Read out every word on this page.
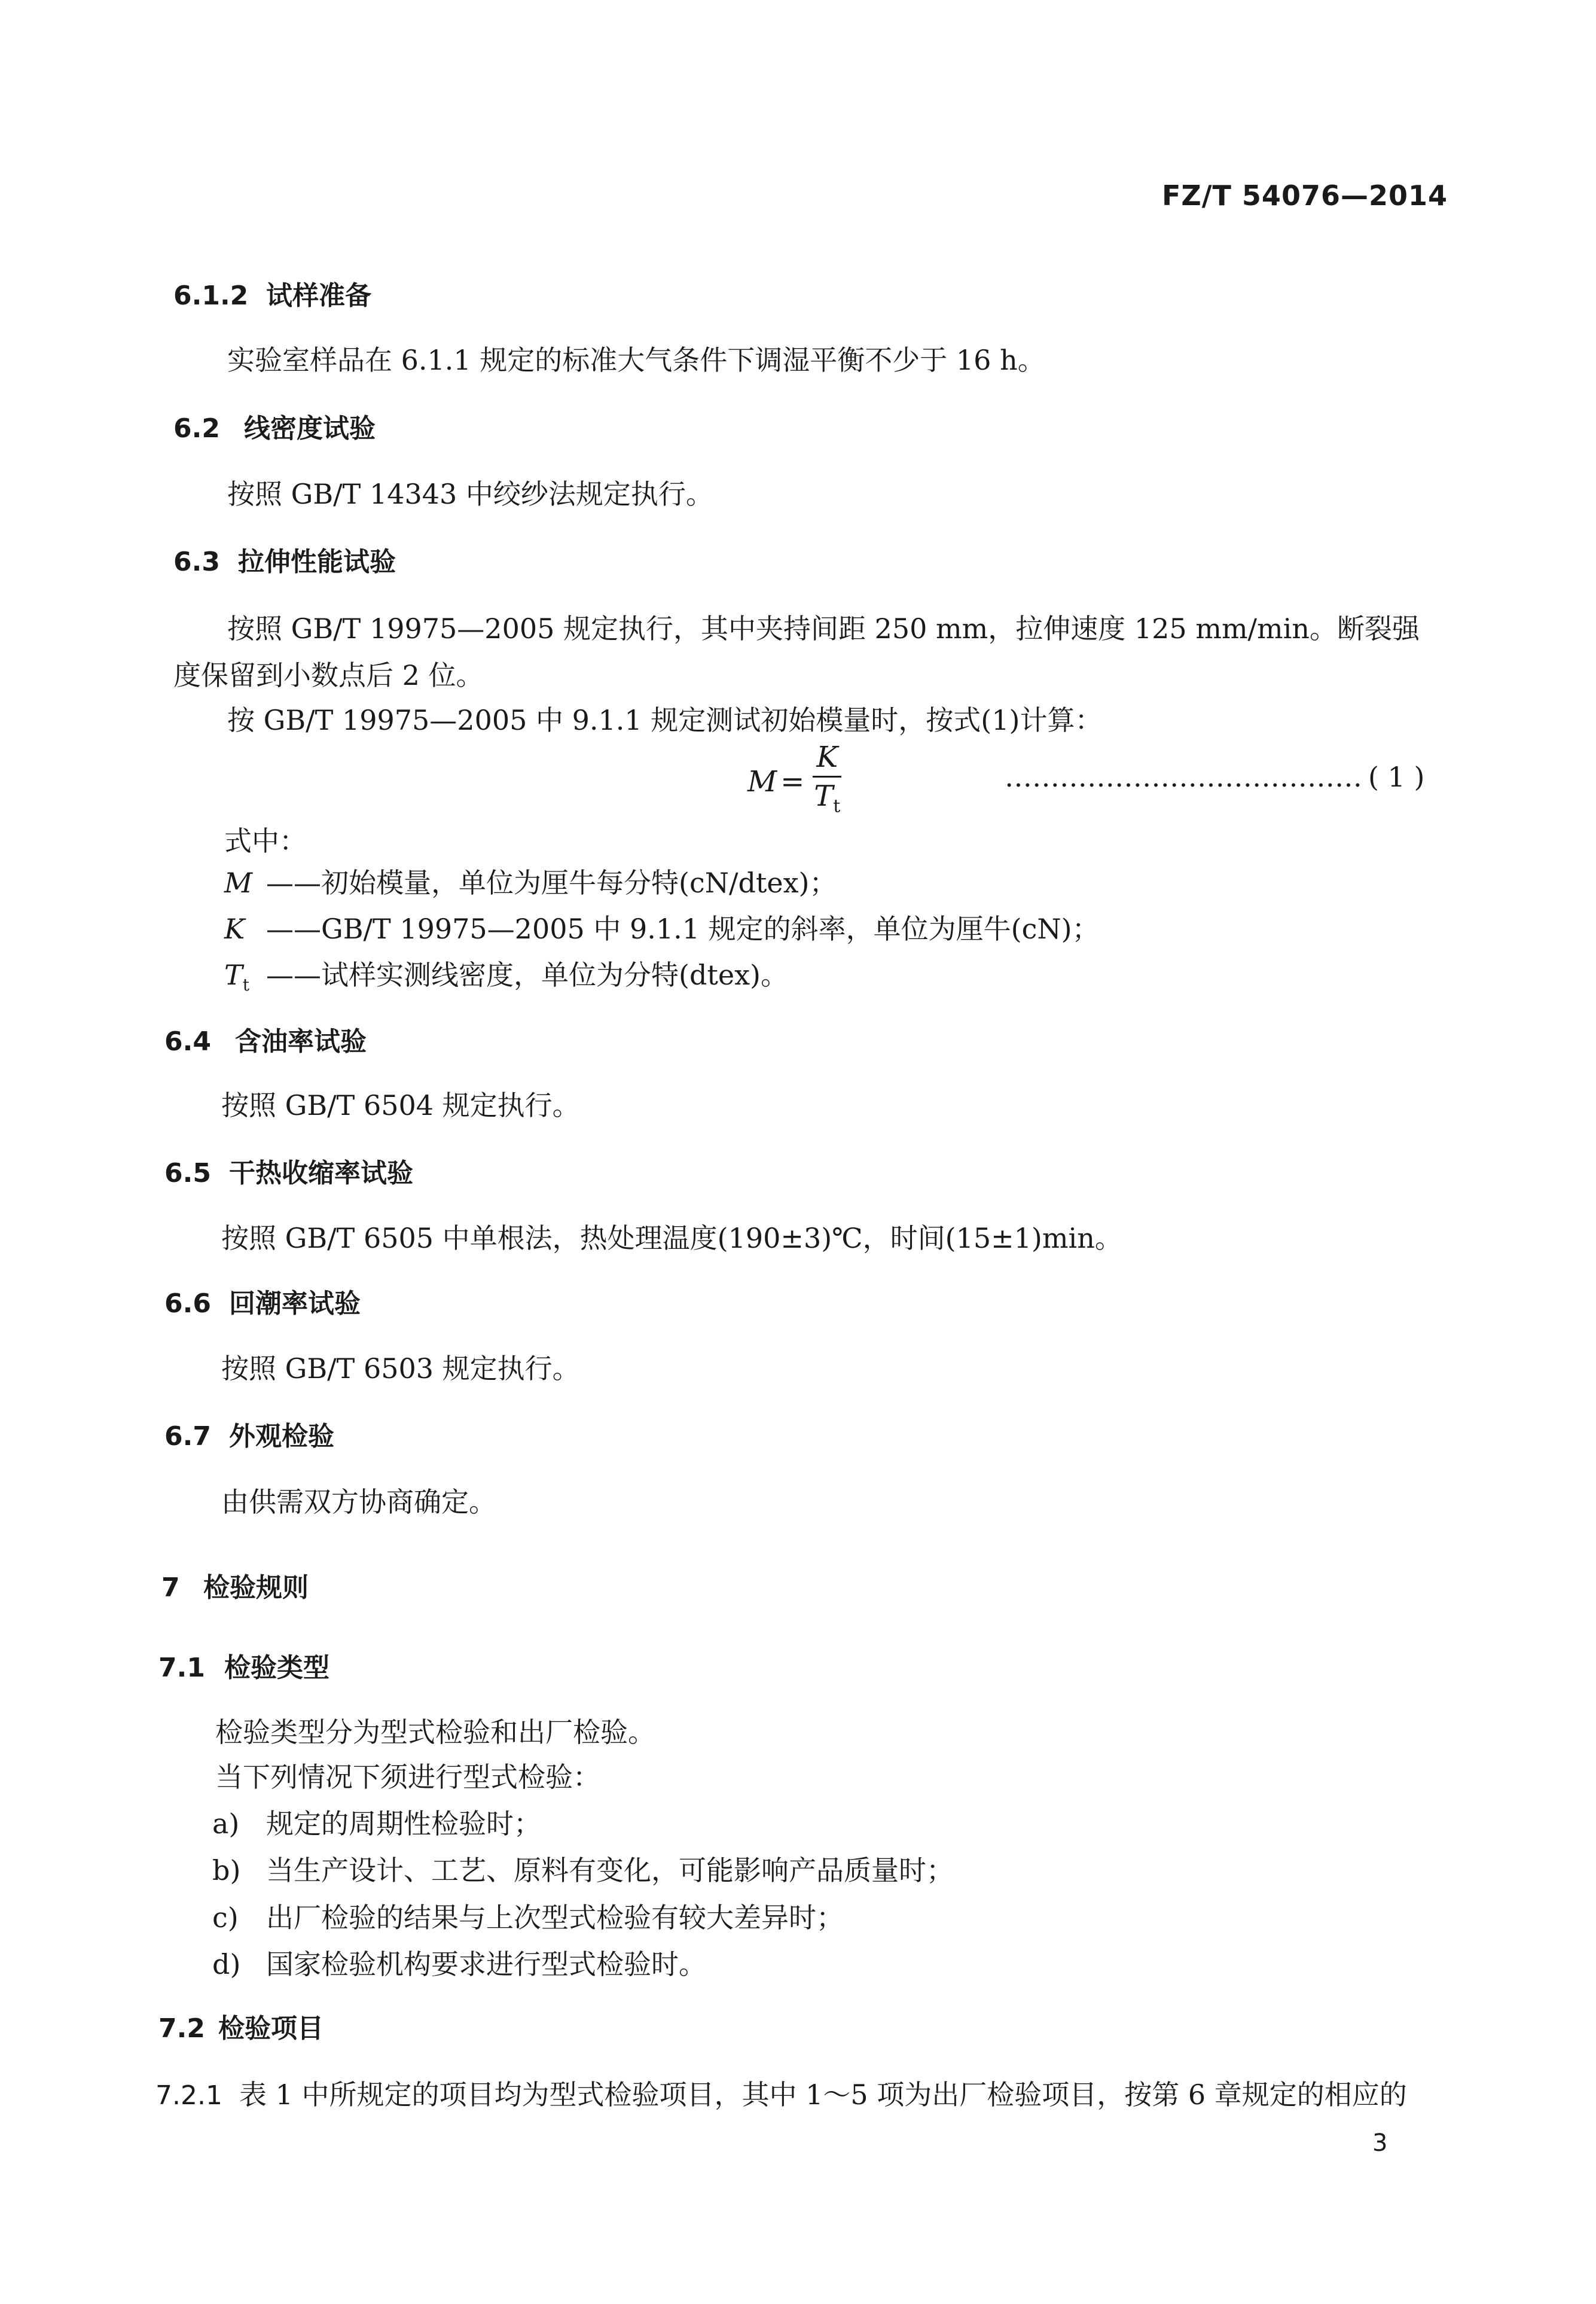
FZ/T 54076—2014
6.1.2 试样准备
实验室样品在 6.1.1 规定的标准大气条件下调湿平衡不少于 16 h。
6.2 线密度试验
按照 GB/T 14343 中绞纱法规定执行。
6.3 拉伸性能试验
按照 GB/T 19975—2005 规定执行，其中夹持间距 250 mm，拉伸速度 125 mm/min。断裂强度保留到小数点后 2 位。
按 GB/T 19975—2005 中 9.1.1 规定测试初始模量时，按式(1)计算：
$M = \frac{K}{T_t}$	………………………………… ( 1 )
式中：
M ——初始模量，单位为厘牛每分特(cN/dtex)；
K ——GB/T 19975—2005 中 9.1.1 规定的斜率，单位为厘牛(cN)；
$T_t$ ——试样实测线密度，单位为分特(dtex)。
6.4 含油率试验
按照 GB/T 6504 规定执行。
6.5 干热收缩率试验
按照 GB/T 6505 中单根法，热处理温度(190±3)℃，时间(15±1)min。
6.6 回潮率试验
按照 GB/T 6503 规定执行。
6.7 外观检验
由供需双方协商确定。
7 检验规则
7.1 检验类型
检验类型分为型式检验和出厂检验。
当下列情况下须进行型式检验：
a) 规定的周期性检验时；
b) 当生产设计、工艺、原料有变化，可能影响产品质量时；
c) 出厂检验的结果与上次型式检验有较大差异时；
d) 国家检验机构要求进行型式检验时。
7.2 检验项目
7.2.1 表 1 中所规定的项目均为型式检验项目，其中 1～5 项为出厂检验项目，按第 6 章规定的相应的
3
